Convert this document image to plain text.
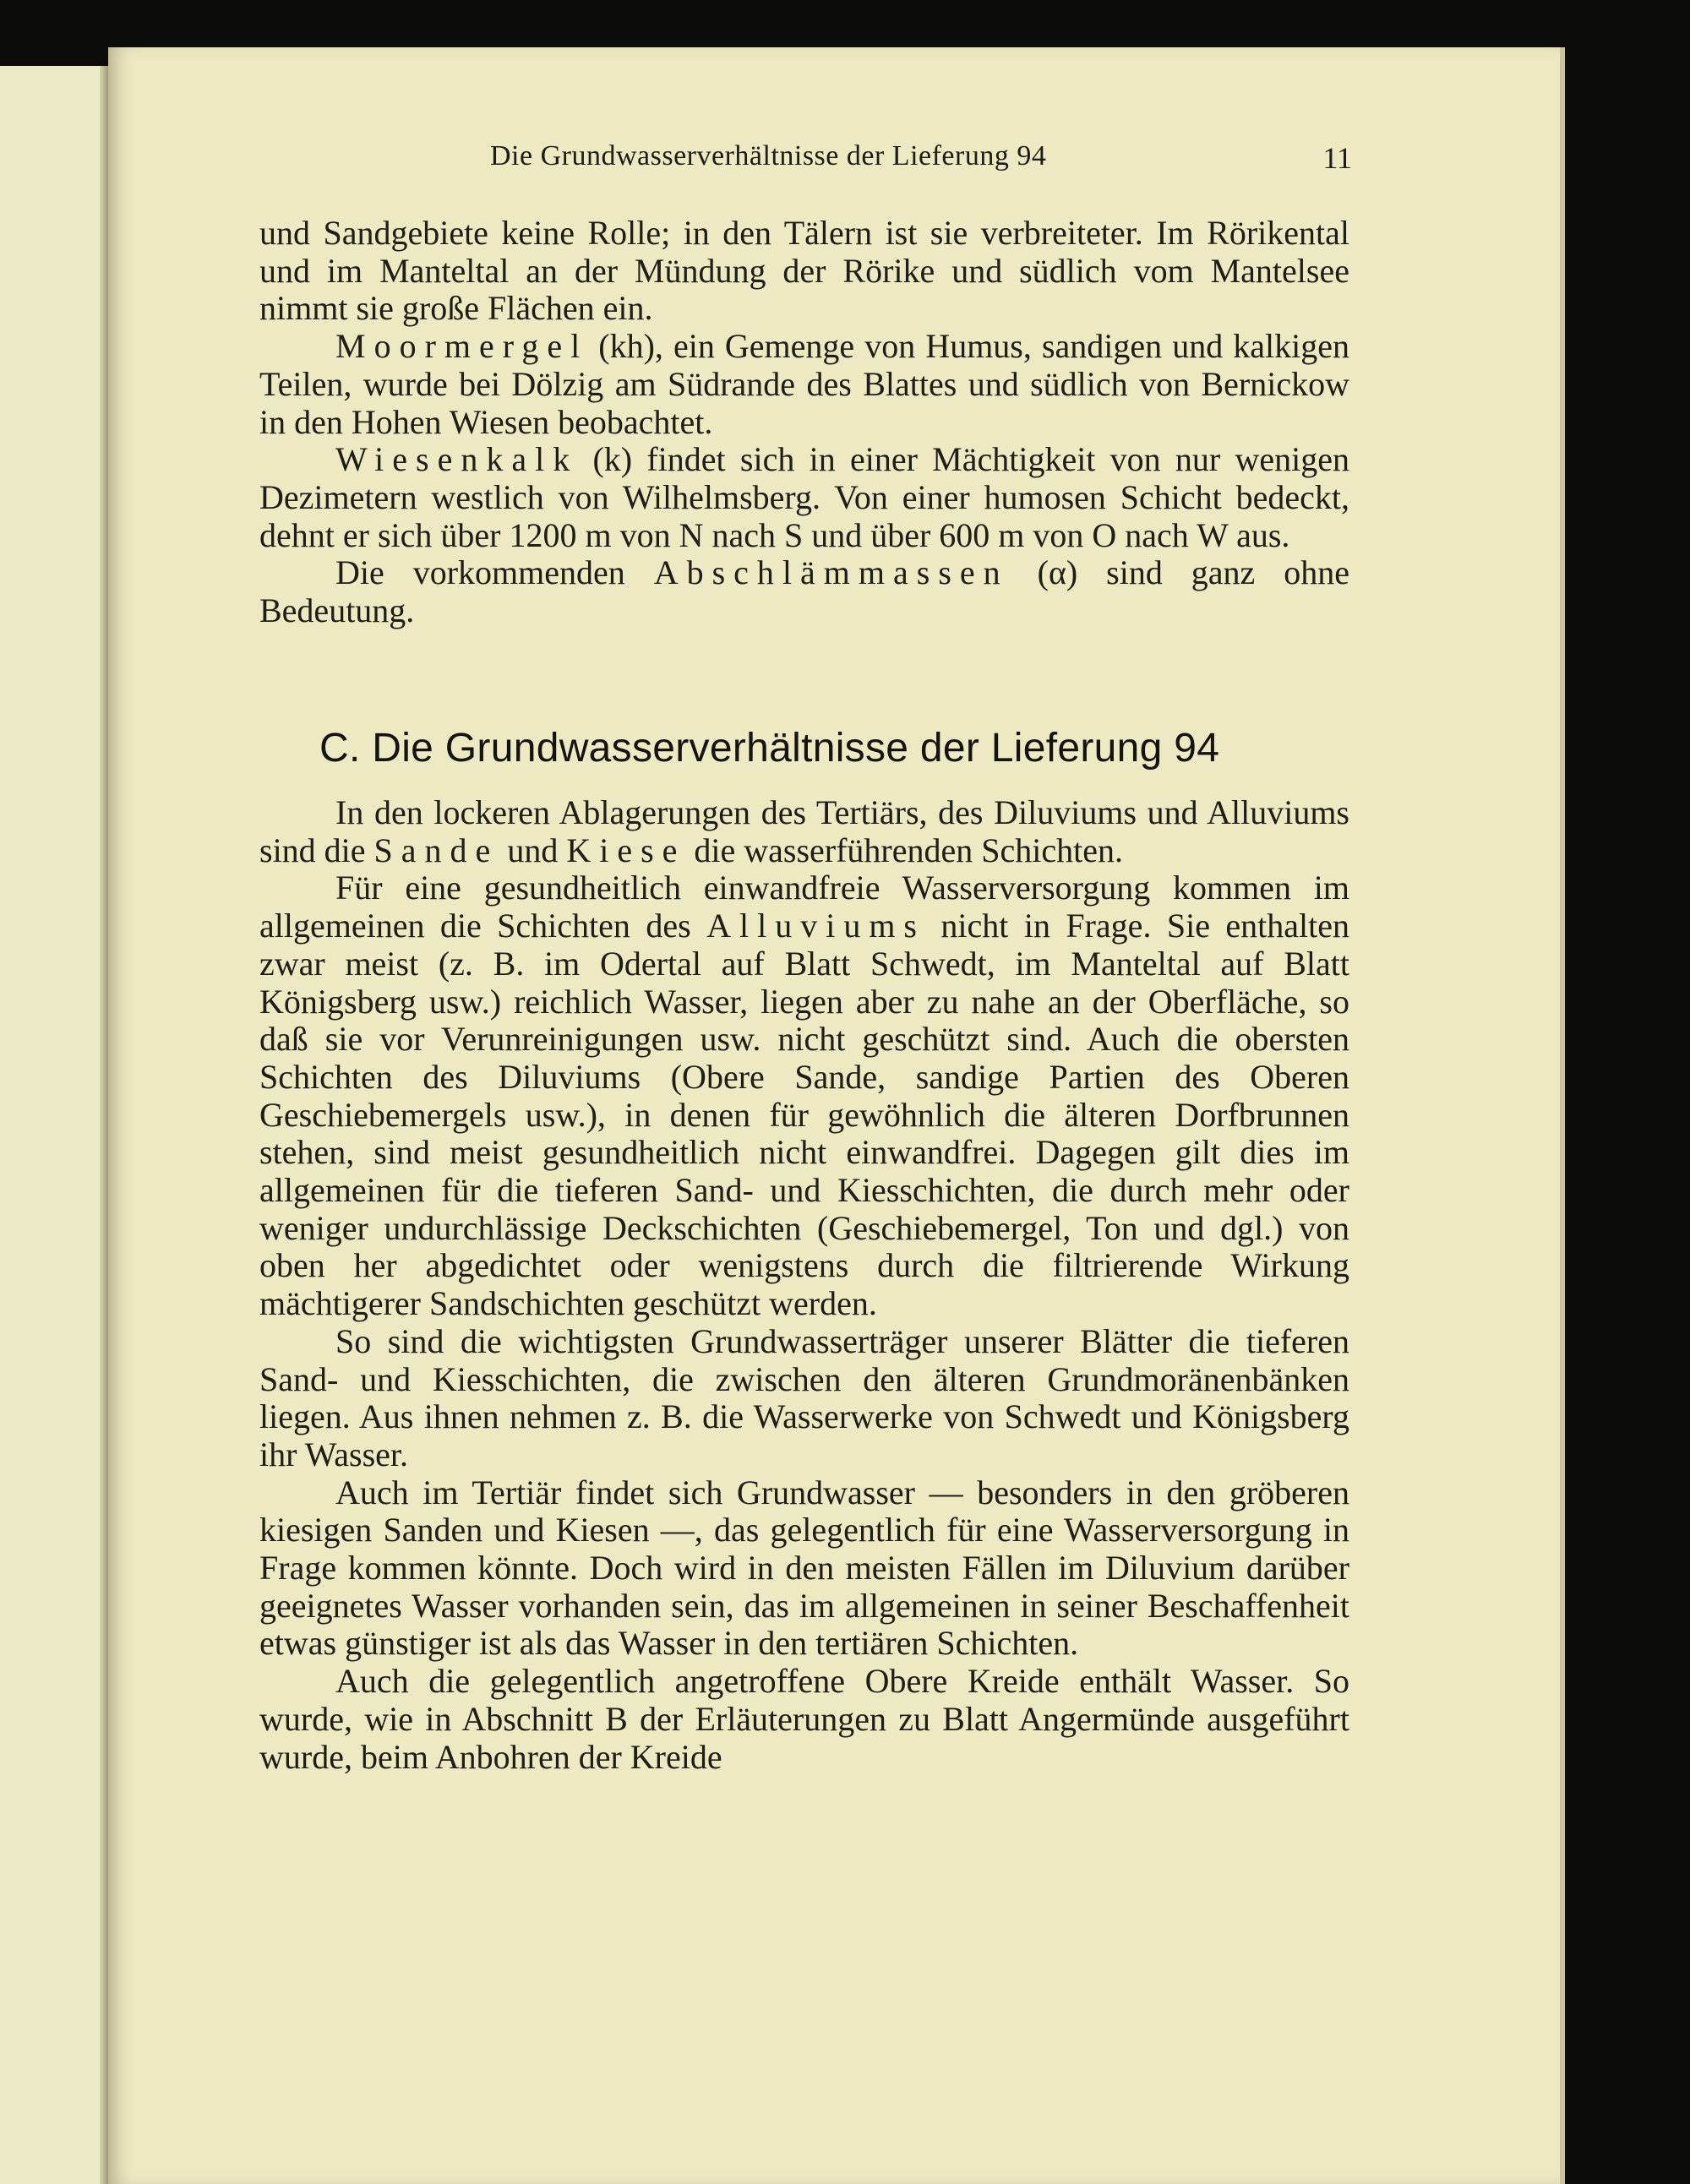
Die Grundwasserverhältnisse der Lieferung 94	11

und Sandgebiete keine Rolle; in den Tälern ist sie verbreiteter. Im Rörikental und im Manteltal an der Mündung der Rörike und südlich vom Mantelsee nimmt sie große Flächen ein.

Moormergel (kh), ein Gemenge von Humus, sandigen und kalkigen Teilen, wurde bei Dölzig am Südrande des Blattes und südlich von Bernickow in den Hohen Wiesen beobachtet.

Wiesenkalk (k) findet sich in einer Mächtigkeit von nur wenigen Dezimetern westlich von Wilhelmsberg. Von einer humosen Schicht bedeckt, dehnt er sich über 1200 m von N nach S und über 600 m von O nach W aus.

Die vorkommenden Abschlämmassen (α) sind ganz ohne Bedeutung.

C. Die Grundwasserverhältnisse der Lieferung 94

In den lockeren Ablagerungen des Tertiärs, des Diluviums und Alluviums sind die Sande und Kiese die wasserführenden Schichten.

Für eine gesundheitlich einwandfreie Wasserversorgung kommen im allgemeinen die Schichten des Alluviums nicht in Frage. Sie enthalten zwar meist (z. B. im Odertal auf Blatt Schwedt, im Manteltal auf Blatt Königsberg usw.) reichlich Wasser, liegen aber zu nahe an der Oberfläche, so daß sie vor Verunreinigungen usw. nicht geschützt sind. Auch die obersten Schichten des Diluviums (Obere Sande, sandige Partien des Oberen Geschiebemergels usw.), in denen für gewöhnlich die älteren Dorfbrunnen stehen, sind meist gesundheitlich nicht einwandfrei. Dagegen gilt dies im allgemeinen für die tieferen Sand- und Kiesschichten, die durch mehr oder weniger undurchlässige Deckschichten (Geschiebemergel, Ton und dgl.) von oben her abgedichtet oder wenigstens durch die filtrierende Wirkung mächtigerer Sandschichten geschützt werden.

So sind die wichtigsten Grundwasserträger unserer Blätter die tieferen Sand- und Kiesschichten, die zwischen den älteren Grundmoränenbänken liegen. Aus ihnen nehmen z. B. die Wasserwerke von Schwedt und Königsberg ihr Wasser.

Auch im Tertiär findet sich Grundwasser — besonders in den gröberen kiesigen Sanden und Kiesen —, das gelegentlich für eine Wasserversorgung in Frage kommen könnte. Doch wird in den meisten Fällen im Diluvium darüber geeignetes Wasser vorhanden sein, das im allgemeinen in seiner Beschaffenheit etwas günstiger ist als das Wasser in den tertiären Schichten.

Auch die gelegentlich angetroffene Obere Kreide enthält Wasser. So wurde, wie in Abschnitt B der Erläuterungen zu Blatt Angermünde ausgeführt wurde, beim Anbohren der Kreide
